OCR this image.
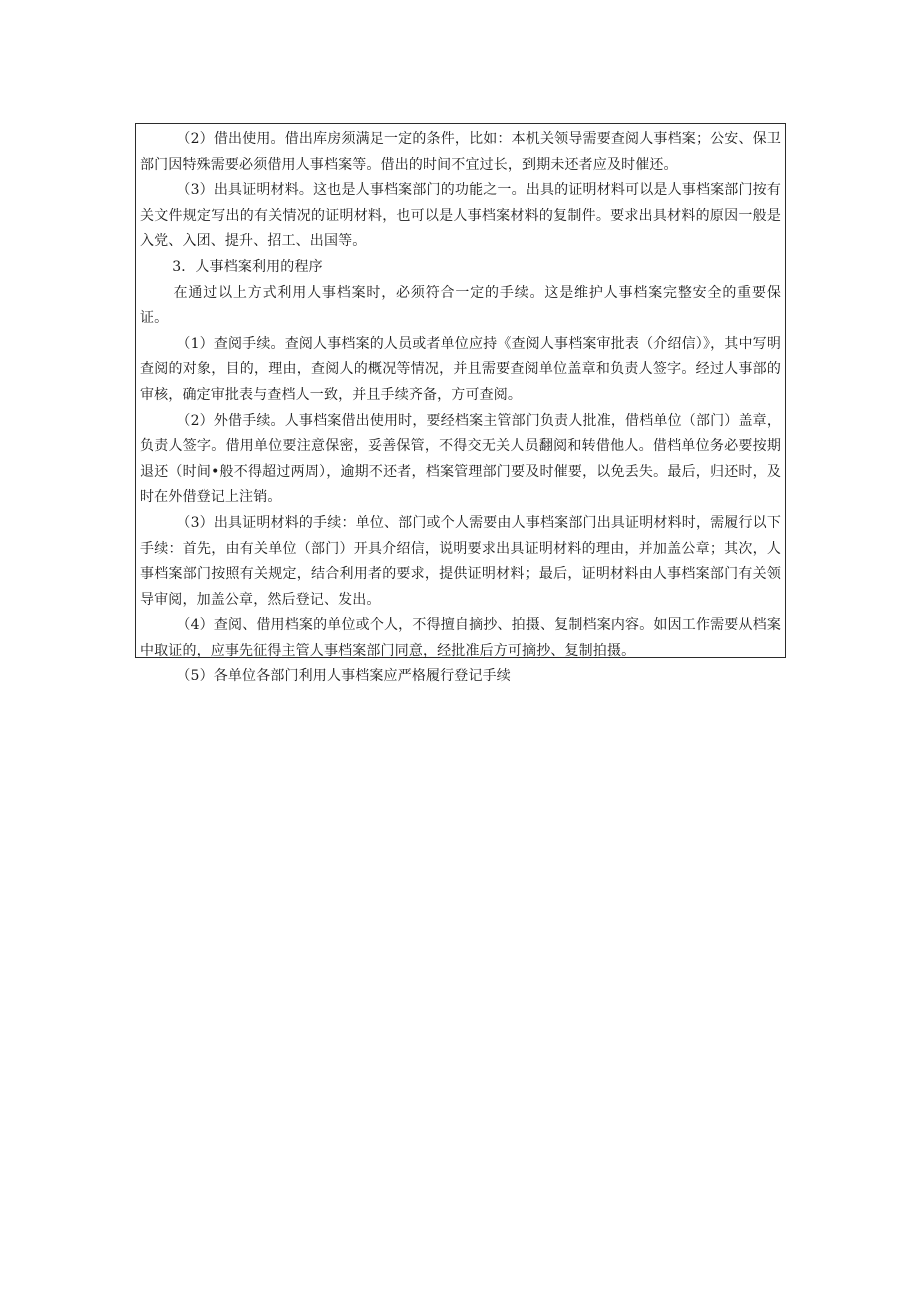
（2）借出使用。借出库房须满足一定的条件，比如：本机关领导需要查阅人事档案；公安、保卫部门因特殊需要必须借用人事档案等。借出的时间不宜过长，到期未还者应及时催还。

（3）出具证明材料。这也是人事档案部门的功能之一。出具的证明材料可以是人事档案部门按有关文件规定写出的有关情况的证明材料，也可以是人事档案材料的复制件。要求出具材料的原因一般是入党、入团、提升、招工、出国等。

3．人事档案利用的程序

在通过以上方式利用人事档案时，必须符合一定的手续。这是维护人事档案完整安全的重要保证。

（1）查阅手续。查阅人事档案的人员或者单位应持《查阅人事档案审批表（介绍信）》，其中写明查阅的对象，目的，理由，查阅人的概况等情况，并且需要查阅单位盖章和负责人签字。经过人事部的审核，确定审批表与查档人一致，并且手续齐备，方可查阅。

（2）外借手续。人事档案借出使用时，要经档案主管部门负责人批准，借档单位（部门）盖章，负责人签字。借用单位要注意保密，妥善保管，不得交无关人员翻阅和转借他人。借档单位务必要按期退还（时间•般不得超过两周），逾期不还者，档案管理部门要及时催要，以免丢失。最后，归还时，及时在外借登记上注销。

（3）出具证明材料的手续：单位、部门或个人需要由人事档案部门出具证明材料时，需履行以下手续：首先，由有关单位（部门）开具介绍信，说明要求出具证明材料的理由，并加盖公章；其次，人事档案部门按照有关规定，结合利用者的要求，提供证明材料；最后，证明材料由人事档案部门有关领导审阅，加盖公章，然后登记、发出。

（4）查阅、借用档案的单位或个人，不得擅自摘抄、拍摄、复制档案内容。如因工作需要从档案中取证的，应事先征得主管人事档案部门同意，经批准后方可摘抄、复制拍摄。

（5）各单位各部门利用人事档案应严格履行登记手续
